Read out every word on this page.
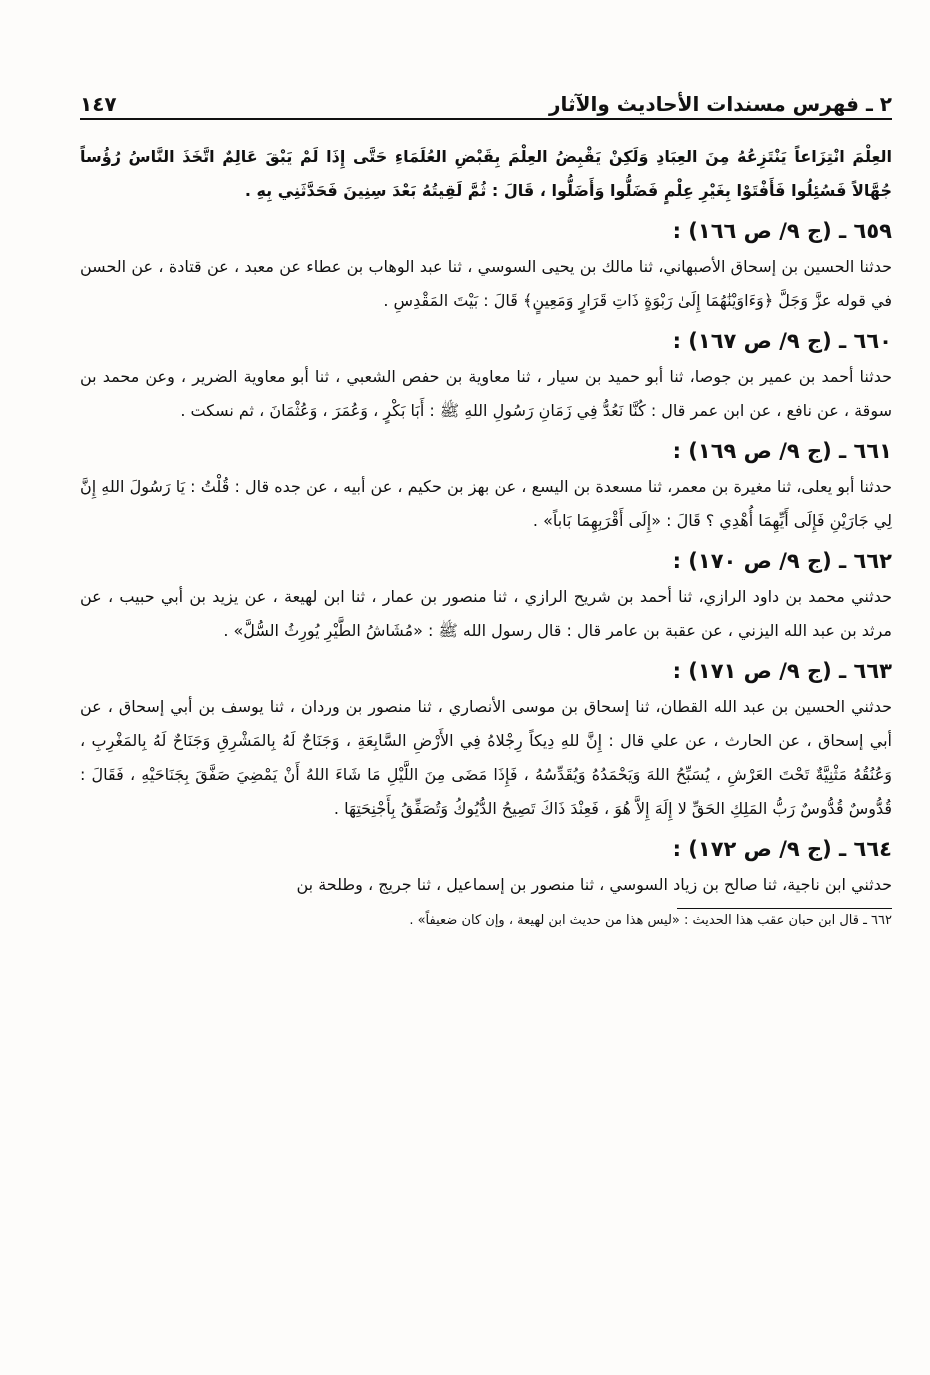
٢ ـ فهرس مسندات الأحاديث والآثار
١٤٧

العِلْمَ انْتِزَاعاً يَنْتَزِعُهُ مِنَ العِبَادِ وَلَكِنْ يَقْبِضُ العِلْمَ بِقَبْضِ العُلَمَاءِ حَتَّى إِذَا لَمْ يَبْقَ عَالِمٌ اتَّخَذَ النَّاسُ رُؤُساً جُهَّالاً فَسُئِلُوا فَأَفْتَوْا بِغَيْرِ عِلْمٍ فَضَلُّوا وَأَضَلُّوا ، قَالَ : ثُمَّ لَقِيتُهُ بَعْدَ سِنِينَ فَحَدَّثَنِي بِهِ .

٦٥٩ ـ (ج ٩/ ص ١٦٦) :

حدثنا الحسين بن إسحاق الأصبهاني، ثنا مالك بن يحيى السوسي ، ثنا عبد الوهاب بن عطاء عن معبد ، عن قتادة ، عن الحسن في قوله عزَّ وَجَلَّ ﴿وَءَاوَيْنَٰهُمَا إِلَىٰ رَبْوَةٍ ذَاتِ قَرَارٍ وَمَعِينٍ﴾ قَالَ : بَيْتَ المَقْدِسِ .

٦٦٠ ـ (ج ٩/ ص ١٦٧) :

حدثنا أحمد بن عمير بن جوصا، ثنا أبو حميد بن سيار ، ثنا معاوية بن حفص الشعبي ، ثنا أبو معاوية الضرير ، وعن محمد بن سوقة ، عن نافع ، عن ابن عمر قال : كُنَّا نَعُدُّ فِي زَمَانِ رَسُولِ اللهِ ﷺ : أَبَا بَكْرٍ ، وَعُمَرَ ، وَعُثْمَانَ ، ثم نسكت .

٦٦١ ـ (ج ٩/ ص ١٦٩) :

حدثنا أبو يعلى، ثنا مغيرة بن معمر، ثنا مسعدة بن اليسع ، عن بهز بن حكيم ، عن أبيه ، عن جده قال : قُلْتُ : يَا رَسُولَ اللهِ إِنَّ لِي جَارَيْنِ فَإِلَى أَيِّهِمَا أُهْدِي ؟ قَالَ : «إِلَى أَقْرَبِهِمَا بَاباً» .

٦٦٢ ـ (ج ٩/ ص ١٧٠) :

حدثني محمد بن داود الرازي، ثنا أحمد بن شريح الرازي ، ثنا منصور بن عمار ، ثنا ابن لهيعة ، عن يزيد بن أبي حبيب ، عن مرثد بن عبد الله اليزني ، عن عقبة بن عامر قال : قال رسول الله ﷺ : «مُشَاشُ الطَّيْرِ يُورِثُ السُّلَّ» .

٦٦٣ ـ (ج ٩/ ص ١٧١) :

حدثني الحسين بن عبد الله القطان، ثنا إسحاق بن موسى الأنصاري ، ثنا منصور بن وردان ، ثنا يوسف بن أبي إسحاق ، عن أبي إسحاق ، عن الحارث ، عن علي قال : إِنَّ للهِ دِيكاً رِجْلاهُ فِي الأَرْضِ السَّابِعَةِ ، وَجَنَاحٌ لَهُ بِالمَشْرِقِ وَجَنَاحٌ لَهُ بِالمَغْرِبِ ، وَعُنُقُهُ مَثْنِيَّةٌ تَحْتَ العَرْشِ ، يُسَبِّحُ اللهَ وَيَحْمَدُهُ وَيُقَدِّسُهُ ، فَإِذَا مَضَى مِنَ اللَّيْلِ مَا شَاءَ اللهُ أَنْ يَمْضِيَ صَفَّقَ بِجَنَاحَيْهِ ، فَقَالَ : قُدُّوسٌ قُدُّوسٌ رَبُّ المَلِكِ الحَقِّ لا إِلَهَ إِلاَّ هُوَ ، فَعِنْدَ ذَاكَ تَصِيحُ الدُّيُوكُ وَتُصَفِّقُ بِأَجْنِحَتِهَا .

٦٦٤ ـ (ج ٩/ ص ١٧٢) :

حدثني ابن ناجية، ثنا صالح بن زياد السوسي ، ثنا منصور بن إسماعيل ، ثنا جريج ، وطلحة بن

٦٦٢ ـ قال ابن حبان عقب هذا الحديث : «ليس هذا من حديث ابن لهيعة ، وإن كان ضعيفاً» .
